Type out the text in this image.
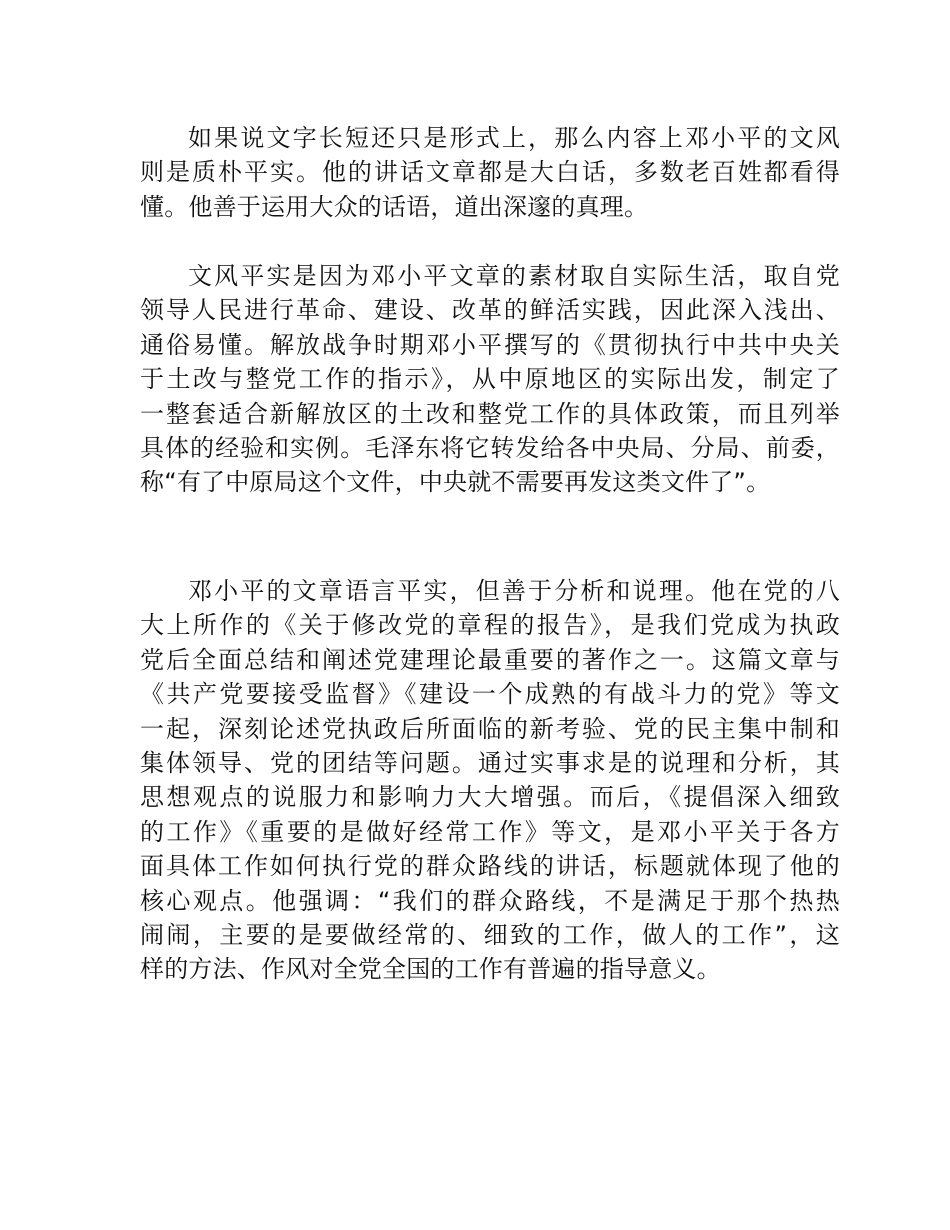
如果说文字长短还只是形式上，那么内容上邓小平的文风
则是质朴平实。他的讲话文章都是大白话，多数老百姓都看得
懂。他善于运用大众的话语，道出深邃的真理。
文风平实是因为邓小平文章的素材取自实际生活，取自党
领导人民进行革命、建设、改革的鲜活实践，因此深入浅出、
通俗易懂。解放战争时期邓小平撰写的《贯彻执行中共中央关
于土改与整党工作的指示》，从中原地区的实际出发，制定了
一整套适合新解放区的土改和整党工作的具体政策，而且列举
具体的经验和实例。毛泽东将它转发给各中央局、分局、前委，
称“有了中原局这个文件，中央就不需要再发这类文件了”。
邓小平的文章语言平实，但善于分析和说理。他在党的八
大上所作的《关于修改党的章程的报告》，是我们党成为执政
党后全面总结和阐述党建理论最重要的著作之一。这篇文章与
《共产党要接受监督》《建设一个成熟的有战斗力的党》等文
一起，深刻论述党执政后所面临的新考验、党的民主集中制和
集体领导、党的团结等问题。通过实事求是的说理和分析，其
思想观点的说服力和影响力大大增强。而后，《提倡深入细致
的工作》《重要的是做好经常工作》等文，是邓小平关于各方
面具体工作如何执行党的群众路线的讲话，标题就体现了他的
核心观点。他强调：“我们的群众路线，不是满足于那个热热
闹闹，主要的是要做经常的、细致的工作，做人的工作”，这
样的方法、作风对全党全国的工作有普遍的指导意义。
